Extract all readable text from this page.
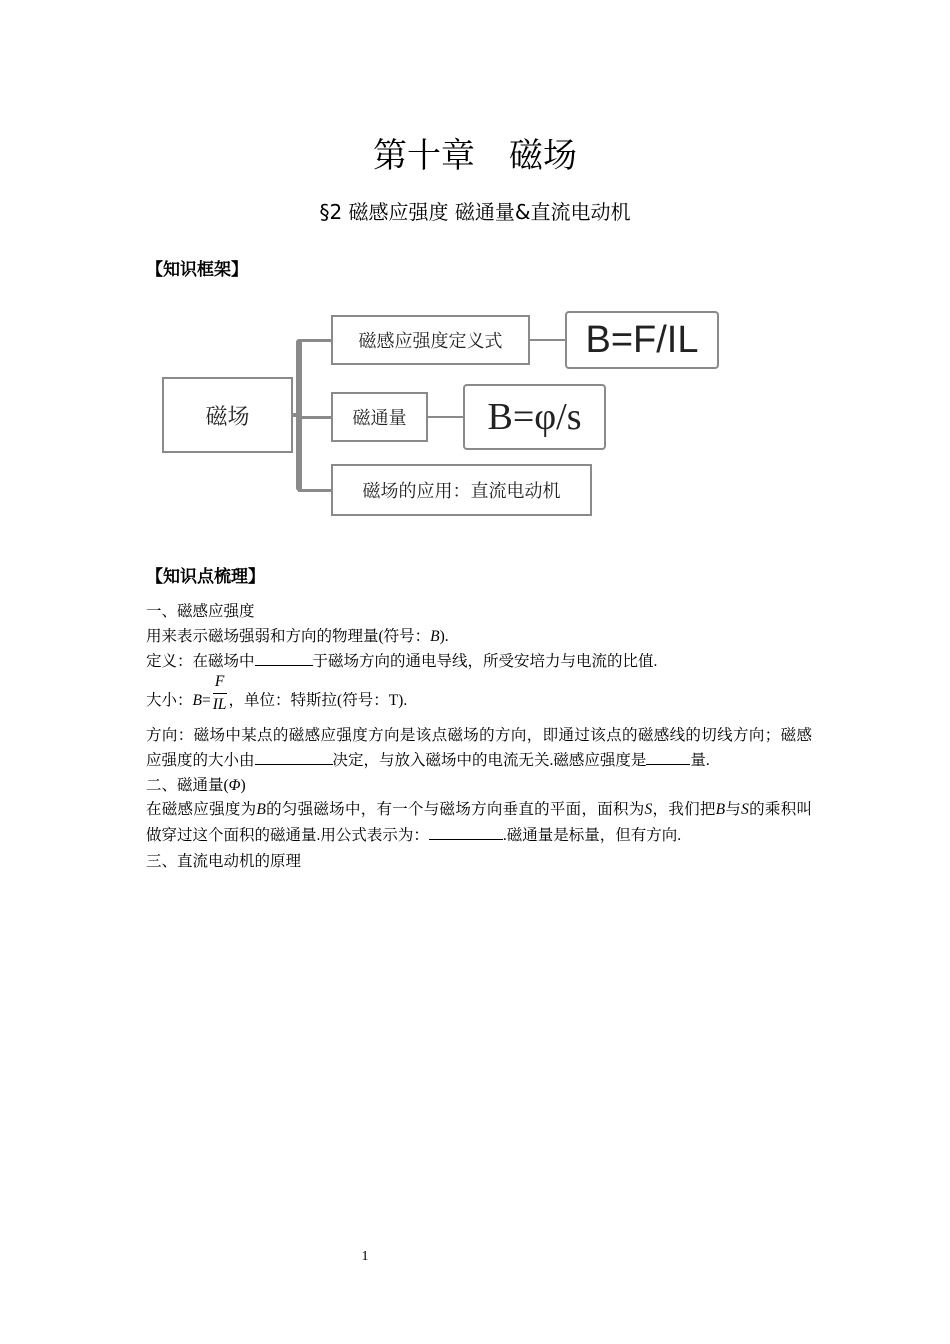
第十章　磁场
§2 磁感应强度 磁通量&直流电动机
【知识框架】
磁场
磁感应强度定义式	B=F/IL
磁通量	B=φ/s
磁场的应用：直流电动机
【知识点梳理】
一、磁感应强度
用来表示磁场强弱和方向的物理量(符号：B).
定义：在磁场中	于磁场方向的通电导线，所受安培力与电流的比值.
大小：$B= \frac{F}{IL}$ ，单位：特斯拉(符号：T).
方向：磁场中某点的磁感应强度方向是该点磁场的方向，即通过该点的磁感线的切线方向；磁感应强度的大小由	决定，与放入磁场中的电流无关.磁感应强度是	量.
二、磁通量(Φ)
在磁感应强度为B的匀强磁场中，有一个与磁场方向垂直的平面，面积为S，我们把B与S的乘积叫做穿过这个面积的磁通量.用公式表示为：	.磁通量是标量，但有方向.
三、直流电动机的原理
1
